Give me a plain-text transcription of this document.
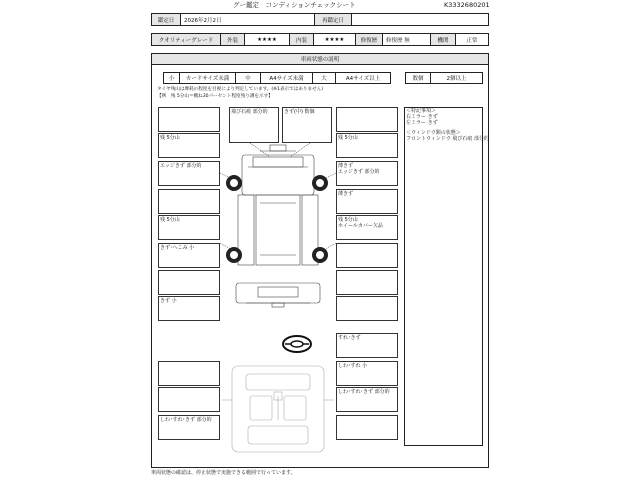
グー鑑定　コンディションチェックシート	K3332680201
鑑定日	2026年2月2日	再鑑定日
クオリティーグレード	外装	★★★★	内装	★★★★	修復歴	修復歴 無	機関	正常
車両状態の説明
小	カードサイズ未満	中	A4サイズ未満	大	A4サイズ以上	数個	2個以上
タイヤ残山は摩耗の程度を目視により判定しています。(※1表示ではありません)
【例　残 5分山＝概ね30パーセント程度残り溝を示す】
＜特記事項＞
右ミラー きず
左ミラー きず
＜ウィンドウ類の状態＞
フロントウィンドウ 飛び石痕 部分的
残 5分山
エッジきず 部分的
残 5分山
きず･へこみ 小
きず 小
飛び石痕 部分的	きず(中) 数個
残 5分山
薄きず
エッジきず 部分的
薄きず
残 5分山
ホイールカバー欠品
すれ･きず
しわ･すれ 小
しわ･すれ･きず 部分的
しわ･すれ･きず 部分的
車両状態の確認は、停止状態で実施できる範囲で行っています。
